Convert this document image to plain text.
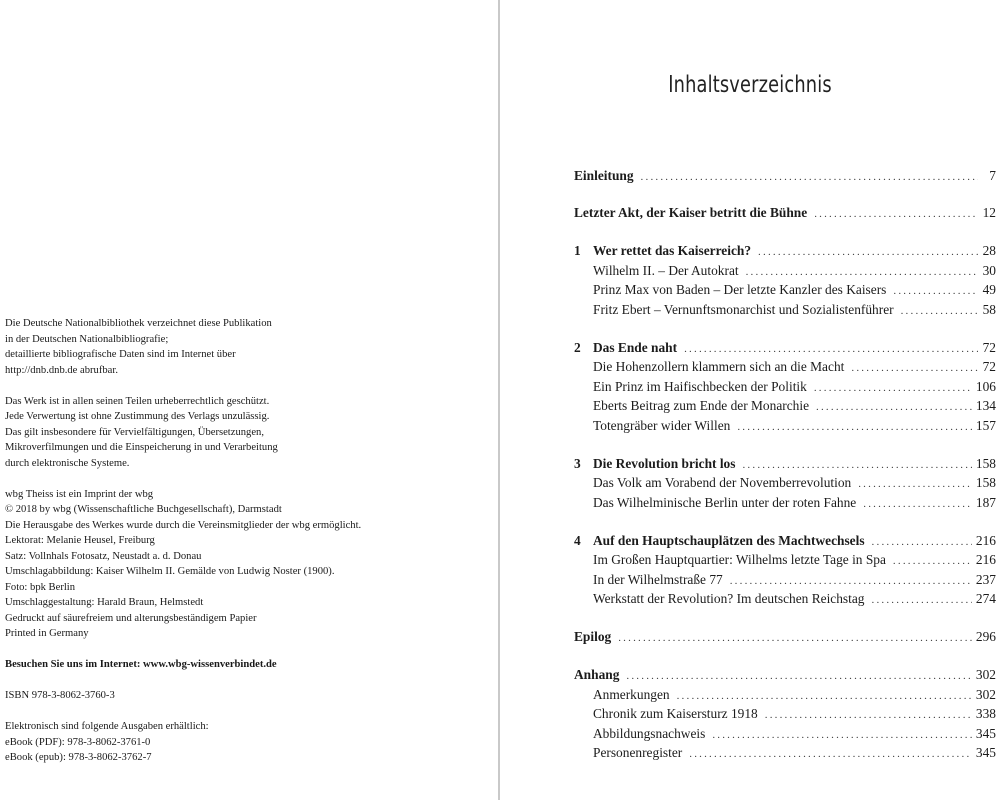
Die Deutsche Nationalbibliothek verzeichnet diese Publikation
in der Deutschen Nationalbibliografie;
detaillierte bibliografische Daten sind im Internet über
http://dnb.dnb.de abrufbar.
Das Werk ist in allen seinen Teilen urheberrechtlich geschützt.
Jede Verwertung ist ohne Zustimmung des Verlags unzulässig.
Das gilt insbesondere für Vervielfältigungen, Übersetzungen,
Mikroverfilmungen und die Einspeicherung in und Verarbeitung
durch elektronische Systeme.
wbg Theiss ist ein Imprint der wbg
© 2018 by wbg (Wissenschaftliche Buchgesellschaft), Darmstadt
Die Herausgabe des Werkes wurde durch die Vereinsmitglieder der wbg ermöglicht.
Lektorat: Melanie Heusel, Freiburg
Satz: Vollnhals Fotosatz, Neustadt a. d. Donau
Umschlagabbildung: Kaiser Wilhelm II. Gemälde von Ludwig Noster (1900).
Foto: bpk Berlin
Umschlaggestaltung: Harald Braun, Helmstedt
Gedruckt auf säurefreiem und alterungsbeständigem Papier
Printed in Germany
Besuchen Sie uns im Internet: www.wbg-wissenverbindet.de
ISBN 978-3-8062-3760-3
Elektronisch sind folgende Ausgaben erhältlich:
eBook (PDF): 978-3-8062-3761-0
eBook (epub): 978-3-8062-3762-7
Inhaltsverzeichnis
Einleitung .....	7
Letzter Akt, der Kaiser betritt die Bühne .....	12
1 Wer rettet das Kaiserreich? .....	28
Wilhelm II. – Der Autokrat .....	30
Prinz Max von Baden – Der letzte Kanzler des Kaisers .....	49
Fritz Ebert – Vernunftsmonarchist und Sozialistenführer .....	58
2 Das Ende naht .....	72
Die Hohenzollern klammern sich an die Macht .....	72
Ein Prinz im Haifischbecken der Politik .....	106
Eberts Beitrag zum Ende der Monarchie .....	134
Totengräber wider Willen .....	157
3 Die Revolution bricht los .....	158
Das Volk am Vorabend der Novemberrevolution .....	158
Das Wilhelminische Berlin unter der roten Fahne .....	187
4 Auf den Hauptschauplätzen des Machtwechsels .....	216
Im Großen Hauptquartier: Wilhelms letzte Tage in Spa .....	216
In der Wilhelmstraße 77 .....	237
Werkstatt der Revolution? Im deutschen Reichstag .....	274
Epilog .....	296
Anhang .....	302
Anmerkungen .....	302
Chronik zum Kaisersturz 1918 .....	338
Abbildungsnachweis .....	345
Personenregister .....	345
